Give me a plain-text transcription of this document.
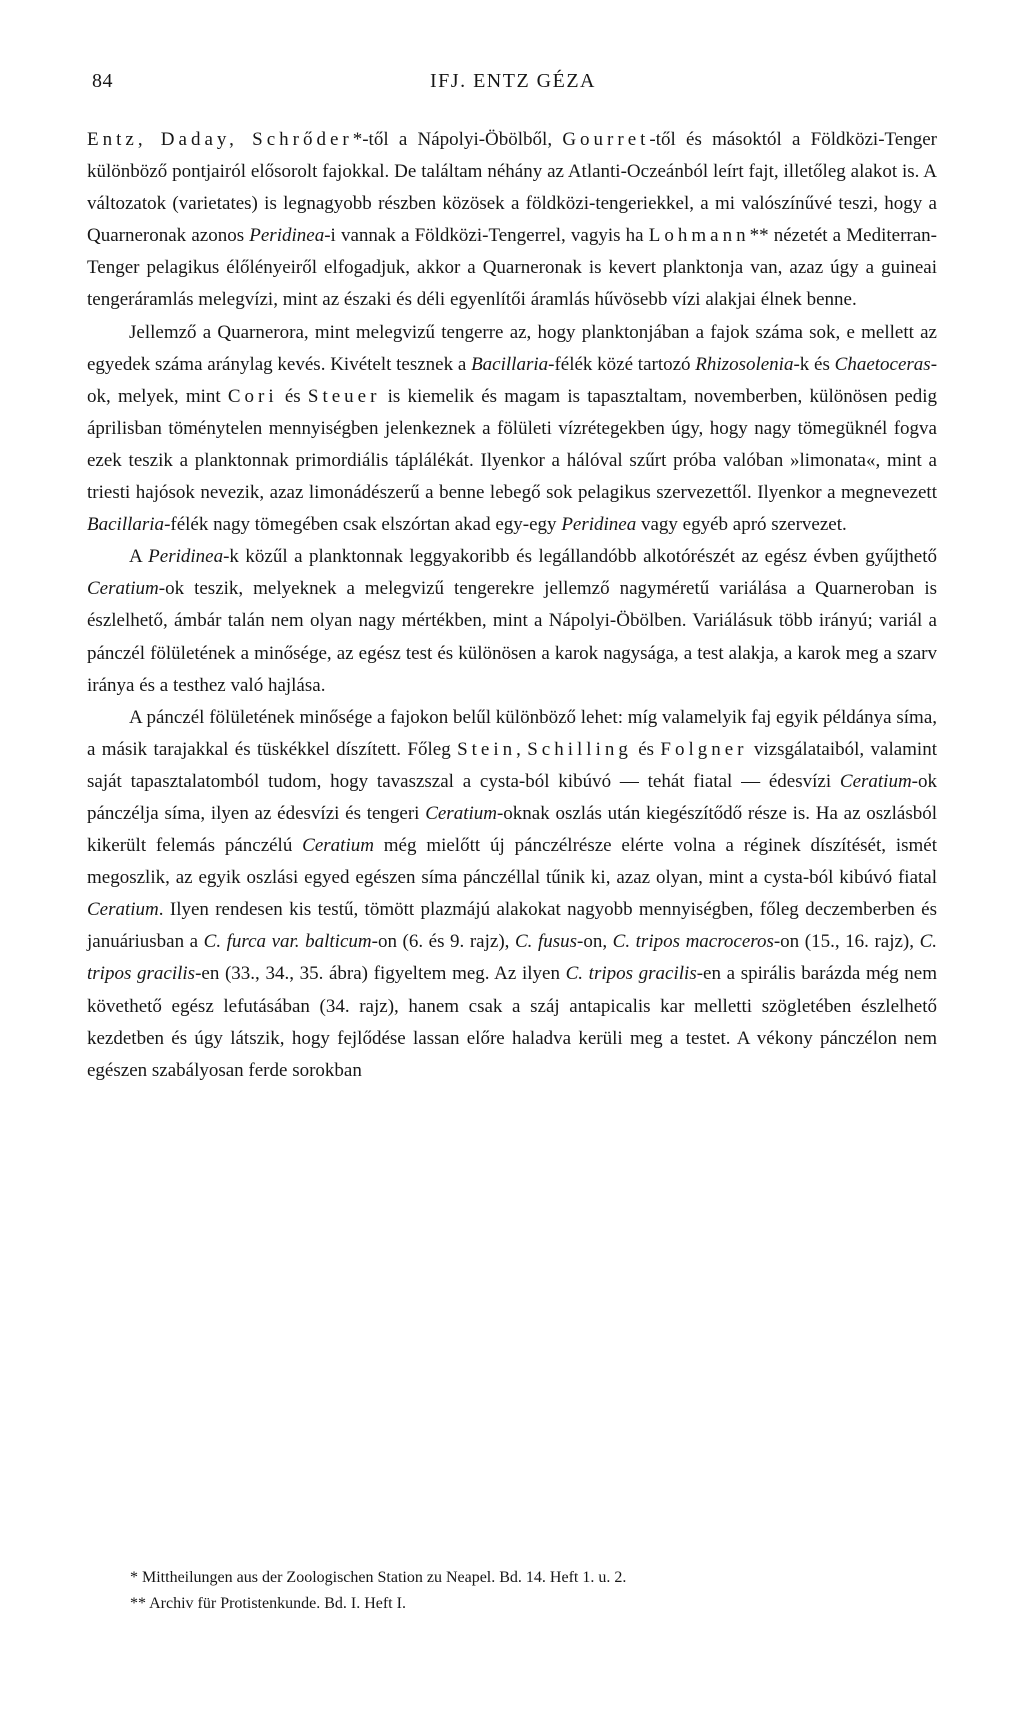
84	IFJ. ENTZ GÉZA

Entz, Daday, Schrőder*-től a Nápolyi-Öbölből, Gourret-től és másoktól a Földközi-Tenger különböző pontjairól elősorolt fajokkal. De találtam néhány az Atlanti-Oczeánból leírt fajt, illetőleg alakot is. A változatok (varietates) is legnagyobb részben közösek a földközi-tengeriekkel, a mi valószínűvé teszi, hogy a Quarneronak azonos Peridinea-i vannak a Földközi-Tengerrel, vagyis ha Lohmann** nézetét a Mediterran-Tenger pelagikus élőlényeiről elfogadjuk, akkor a Quarneronak is kevert planktonja van, azaz úgy a guineai tengeráramlás melegvízi, mint az északi és déli egyenlítői áramlás hűvösebb vízi alakjai élnek benne.

Jellemző a Quarnerora, mint melegvizű tengerre az, hogy planktonjában a fajok száma sok, e mellett az egyedek száma aránylag kevés. Kivételt tesznek a Bacillaria-félék közé tartozó Rhizosolenia-k és Chaetoceras-ok, melyek, mint Cori és Steuer is kiemelik és magam is tapasztaltam, novemberben, különösen pedig áprilisban töménytelen mennyiségben jelenkeznek a fölületi vízrétegekben úgy, hogy nagy tömegüknél fogva ezek teszik a planktonnak primordiális táplálékát. Ilyenkor a hálóval szűrt próba valóban »limonata«, mint a triesti hajósok nevezik, azaz limonádészerű a benne lebegő sok pelagikus szervezettől. Ilyenkor a megnevezett Bacillaria-félék nagy tömegében csak elszórtan akad egy-egy Peridinea vagy egyéb apró szervezet.

A Peridinea-k közűl a planktonnak leggyakoribb és legállandóbb alkotórészét az egész évben gyűjthető Ceratium-ok teszik, melyeknek a melegvizű tengerekre jellemző nagyméretű variálása a Quarneroban is észlelhető, ámbár talán nem olyan nagy mértékben, mint a Nápolyi-Öbölben. Variálásuk több irányú; variál a pánczél fölületének a minősége, az egész test és különösen a karok nagysága, a test alakja, a karok meg a szarv iránya és a testhez való hajlása.

A pánczél fölületének minősége a fajokon belűl különböző lehet: míg valamelyik faj egyik példánya síma, a másik tarajakkal és tüskékkel díszített. Főleg Stein, Schilling és Folgner vizsgálataiból, valamint saját tapasztalatomból tudom, hogy tavaszszal a cysta-ból kibúvó — tehát fiatal — édesvízi Ceratium-ok pánczélja síma, ilyen az édesvízi és tengeri Ceratium-oknak oszlás után kiegészítődő része is. Ha az oszlásból kikerült felemás pánczélú Ceratium még mielőtt új pánczélrésze elérte volna a réginek díszítését, ismét megoszlik, az egyik oszlási egyed egészen síma pánczéllal tűnik ki, azaz olyan, mint a cysta-ból kibúvó fiatal Ceratium. Ilyen rendesen kis testű, tömött plazmájú alakokat nagyobb mennyiségben, főleg deczemberben és januáriusban a C. furca var. balticum-on (6. és 9. rajz), C. fusus-on, C. tripos macroceros-on (15., 16. rajz), C. tripos gracilis-en (33., 34., 35. ábra) figyeltem meg. Az ilyen C. tripos gracilis-en a spirális barázda még nem követhető egész lefutásában (34. rajz), hanem csak a száj antapicalis kar melletti szögletében észlelhető kezdetben és úgy látszik, hogy fejlődése lassan előre haladva kerüli meg a testet. A vékony pánczélon nem egészen szabályosan ferde sorokban

* Mittheilungen aus der Zoologischen Station zu Neapel. Bd. 14. Heft 1. u. 2.

** Archiv für Protistenkunde. Bd. I. Heft I.
